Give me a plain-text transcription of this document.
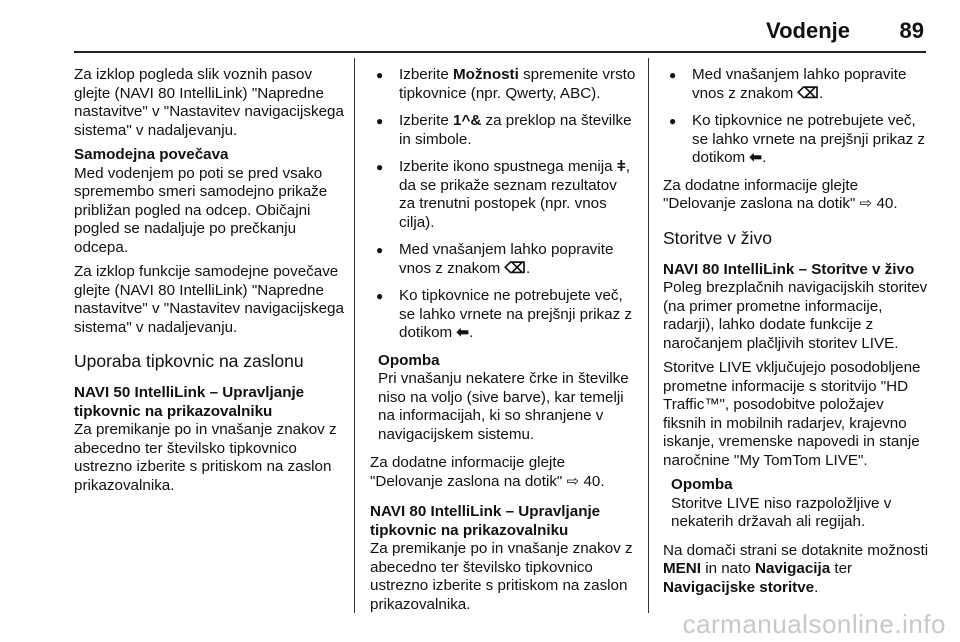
Vodenje 89

Za izklop pogleda slik voznih pasov glejte (NAVI 80 IntelliLink) "Napredne nastavitve" v "Nastavitev navigacijskega sistema" v nadaljevanju.

Samodejna povečava

Med vodenjem po poti se pred vsako spremembo smeri samodejno prikaže približan pogled na odcep. Običajni pogled se nadaljuje po prečkanju odcepa.

Za izklop funkcije samodejne povečave glejte (NAVI 80 IntelliLink) "Napredne nastavitve" v "Nastavitev navigacijskega sistema" v nadaljevanju.

Uporaba tipkovnic na zaslonu
NAVI 50 IntelliLink – Upravljanje tipkovnic na prikazovalniku

Za premikanje po in vnašanje znakov z abecedno ter številsko tipkovnico ustrezno izberite s pritiskom na zaslon prikazovalnika.

● Izberite Možnosti spremenite vrsto tipkovnice (npr. Qwerty, ABC).
● Izberite 1^& za preklop na številke in simbole.
● Izberite ikono spustnega menija ǂ, da se prikaže seznam rezultatov za trenutni postopek (npr. vnos cilja).
● Med vnašanjem lahko popravite vnos z znakom ⌫.
● Ko tipkovnice ne potrebujete več, se lahko vrnete na prejšnji prikaz z dotikom ⬅.
Opomba
Pri vnašanju nekatere črke in številke niso na voljo (sive barve), kar temelji na informacijah, ki so shranjene v navigacijskem sistemu.

Za dodatne informacije glejte "Delovanje zaslona na dotik" ⇨ 40.

NAVI 80 IntelliLink – Upravljanje tipkovnic na prikazovalniku

Za premikanje po in vnašanje znakov z abecedno ter številsko tipkovnico ustrezno izberite s pritiskom na zaslon prikazovalnika.

● Med vnašanjem lahko popravite vnos z znakom ⌫.
● Ko tipkovnice ne potrebujete več, se lahko vrnete na prejšnji prikaz z dotikom ⬅.

Za dodatne informacije glejte "Delovanje zaslona na dotik" ⇨ 40.

Storitve v živo
NAVI 80 IntelliLink – Storitve v živo

Poleg brezplačnih navigacijskih storitev (na primer prometne informacije, radarji), lahko dodate funkcije z naročanjem plačljivih storitev LIVE.

Storitve LIVE vključujejo posodobljene prometne informacije s storitvijo "HD Traffic™", posodobitve položajev fiksnih in mobilnih radarjev, krajevno iskanje, vremenske napovedi in stanje naročnine "My TomTom LIVE".

Opomba
Storitve LIVE niso razpoložljive v nekaterih državah ali regijah.

Na domači strani se dotaknite možnosti MENI in nato Navigacija ter Navigacijske storitve.

carmanualsonline.info
